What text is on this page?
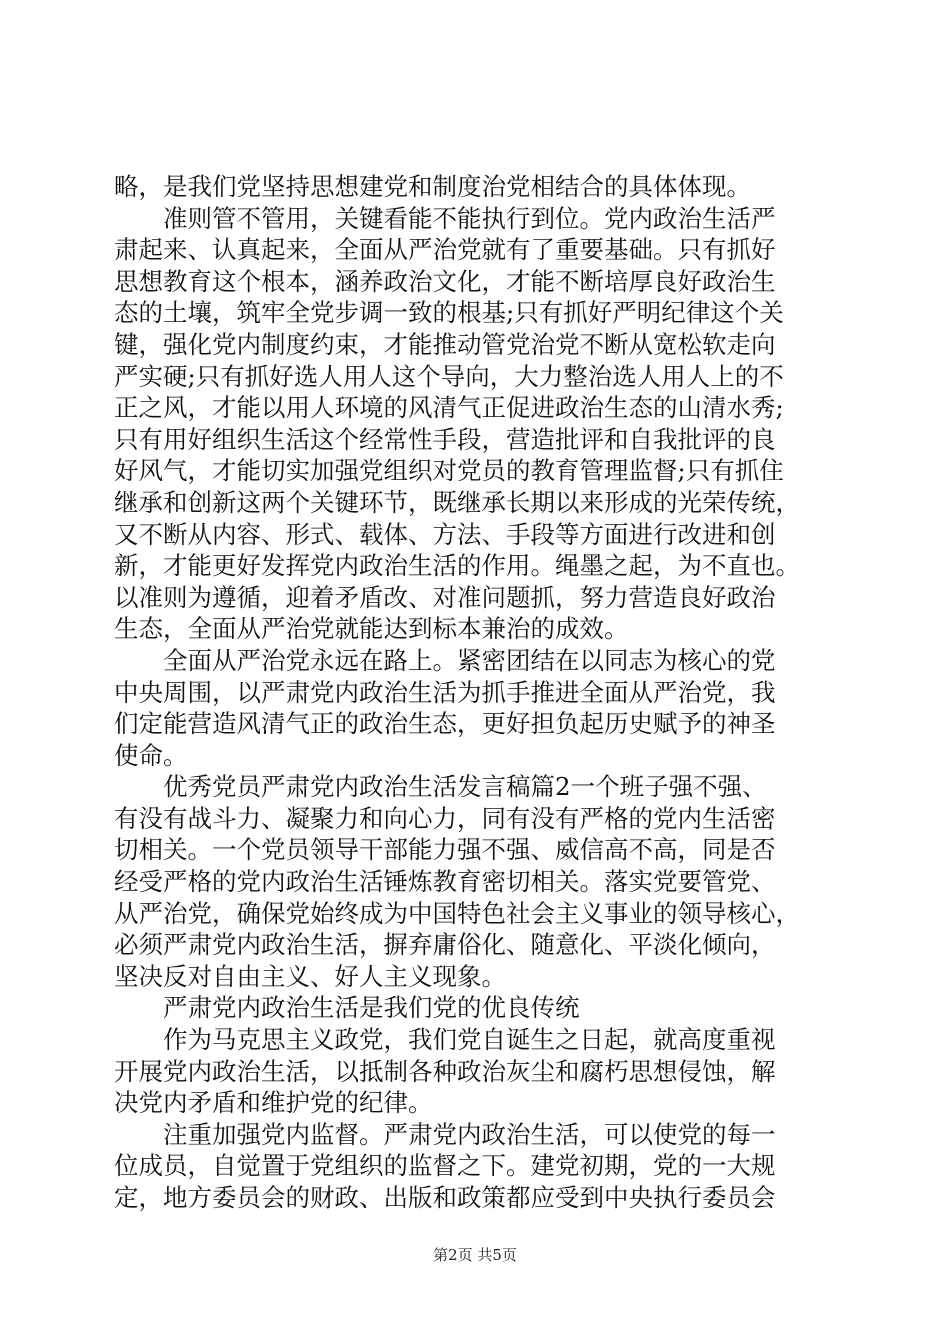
略，是我们党坚持思想建党和制度治党相结合的具体体现。
　　准则管不管用，关键看能不能执行到位。党内政治生活严
肃起来、认真起来，全面从严治党就有了重要基础。只有抓好
思想教育这个根本，涵养政治文化，才能不断培厚良好政治生
态的土壤，筑牢全党步调一致的根基;只有抓好严明纪律这个关
键，强化党内制度约束，才能推动管党治党不断从宽松软走向
严实硬;只有抓好选人用人这个导向，大力整治选人用人上的不
正之风，才能以用人环境的风清气正促进政治生态的山清水秀;
只有用好组织生活这个经常性手段，营造批评和自我批评的良
好风气，才能切实加强党组织对党员的教育管理监督;只有抓住
继承和创新这两个关键环节，既继承长期以来形成的光荣传统，
又不断从内容、形式、载体、方法、手段等方面进行改进和创
新，才能更好发挥党内政治生活的作用。绳墨之起，为不直也。
以准则为遵循，迎着矛盾改、对准问题抓，努力营造良好政治
生态，全面从严治党就能达到标本兼治的成效。
　　全面从严治党永远在路上。紧密团结在以同志为核心的党
中央周围，以严肃党内政治生活为抓手推进全面从严治党，我
们定能营造风清气正的政治生态，更好担负起历史赋予的神圣
使命。
　　优秀党员严肃党内政治生活发言稿篇2一个班子强不强、
有没有战斗力、凝聚力和向心力，同有没有严格的党内生活密
切相关。一个党员领导干部能力强不强、威信高不高，同是否
经受严格的党内政治生活锤炼教育密切相关。落实党要管党、
从严治党，确保党始终成为中国特色社会主义事业的领导核心，
必须严肃党内政治生活，摒弃庸俗化、随意化、平淡化倾向，
坚决反对自由主义、好人主义现象。
　　严肃党内政治生活是我们党的优良传统
　　作为马克思主义政党，我们党自诞生之日起，就高度重视
开展党内政治生活，以抵制各种政治灰尘和腐朽思想侵蚀，解
决党内矛盾和维护党的纪律。
　　注重加强党内监督。严肃党内政治生活，可以使党的每一
位成员，自觉置于党组织的监督之下。建党初期，党的一大规
定，地方委员会的财政、出版和政策都应受到中央执行委员会
第2页 共5页
